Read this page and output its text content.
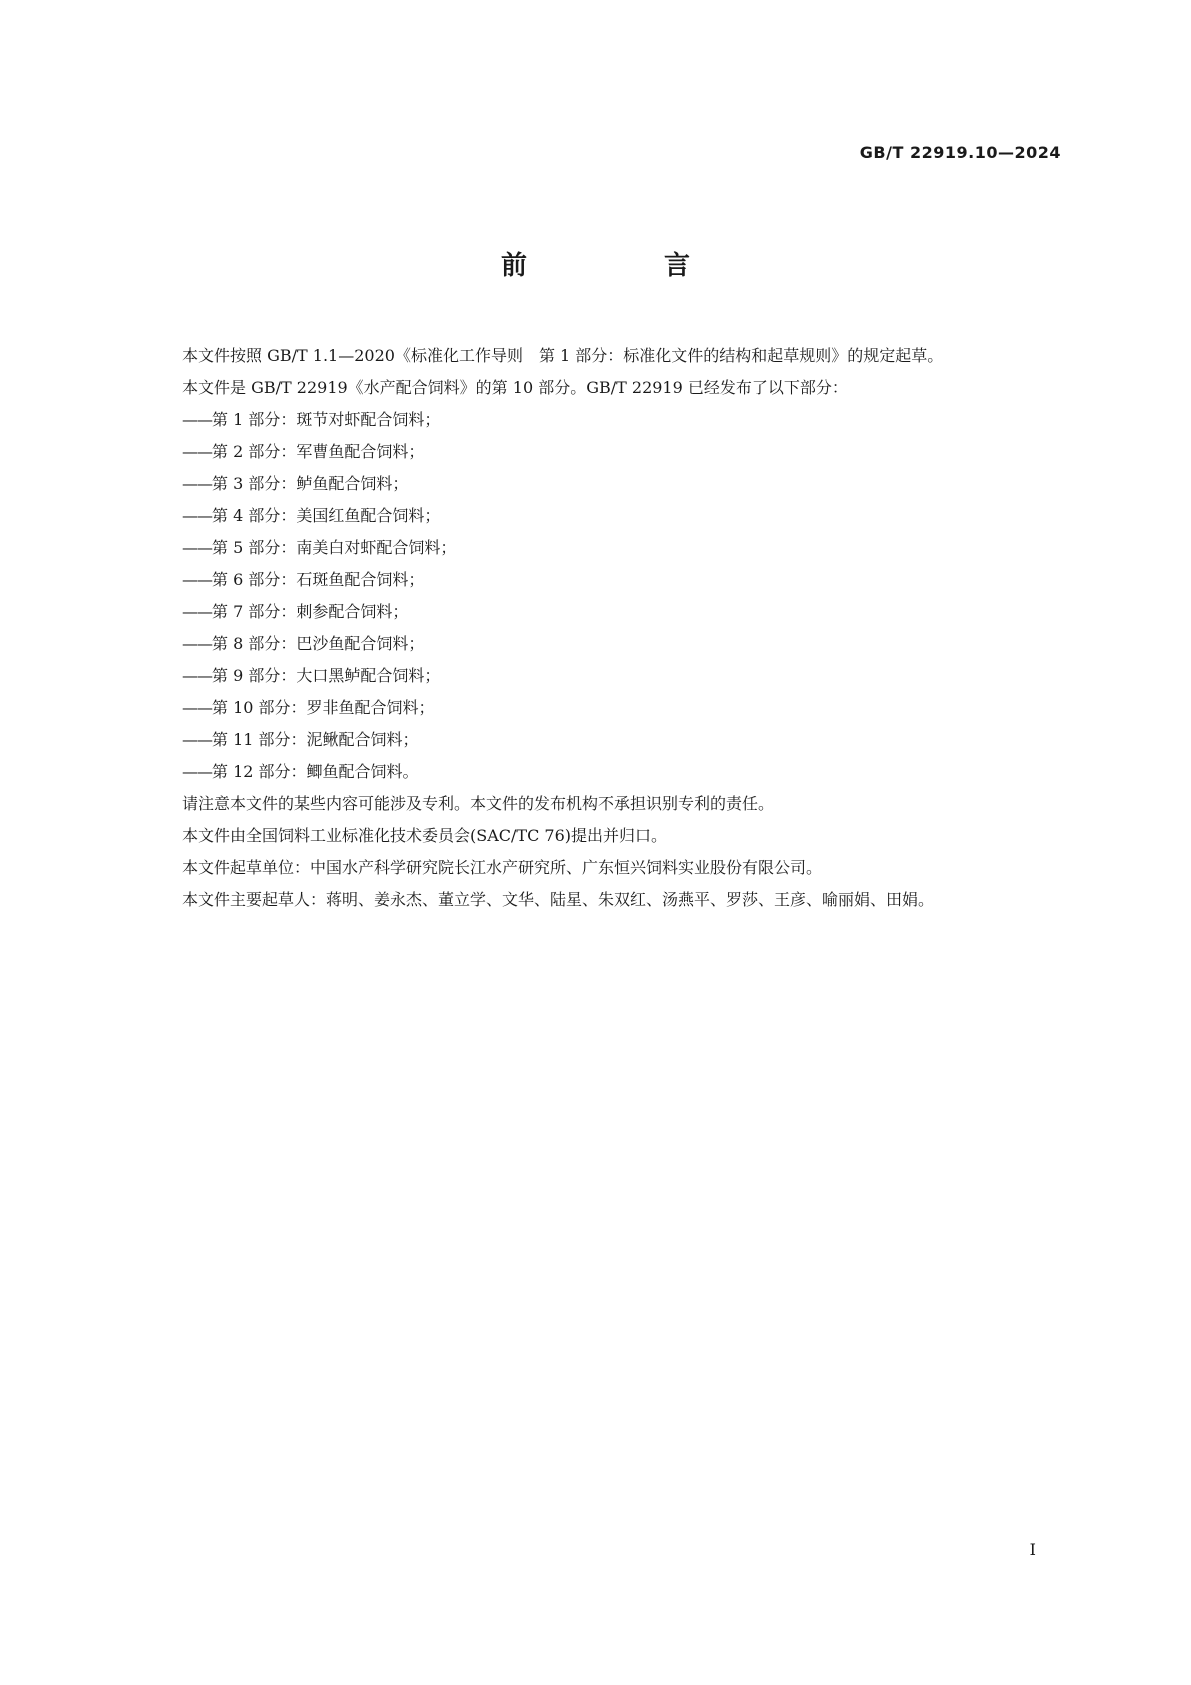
GB/T 22919.10—2024
前 言

本文件按照 GB/T 1.1—2020《标准化工作导则　第 1 部分：标准化文件的结构和起草规则》的规定起草。

本文件是 GB/T 22919《水产配合饲料》的第 10 部分。GB/T 22919 已经发布了以下部分：

——第 1 部分：斑节对虾配合饲料；

——第 2 部分：军曹鱼配合饲料；

——第 3 部分：鲈鱼配合饲料；

——第 4 部分：美国红鱼配合饲料；

——第 5 部分：南美白对虾配合饲料；

——第 6 部分：石斑鱼配合饲料；

——第 7 部分：刺参配合饲料；

——第 8 部分：巴沙鱼配合饲料；

——第 9 部分：大口黑鲈配合饲料；

——第 10 部分：罗非鱼配合饲料；

——第 11 部分：泥鳅配合饲料；

——第 12 部分：鲫鱼配合饲料。

请注意本文件的某些内容可能涉及专利。本文件的发布机构不承担识别专利的责任。

本文件由全国饲料工业标准化技术委员会(SAC/TC 76)提出并归口。

本文件起草单位：中国水产科学研究院长江水产研究所、广东恒兴饲料实业股份有限公司。

本文件主要起草人：蒋明、姜永杰、董立学、文华、陆星、朱双红、汤燕平、罗莎、王彦、喻丽娟、田娟。

I
